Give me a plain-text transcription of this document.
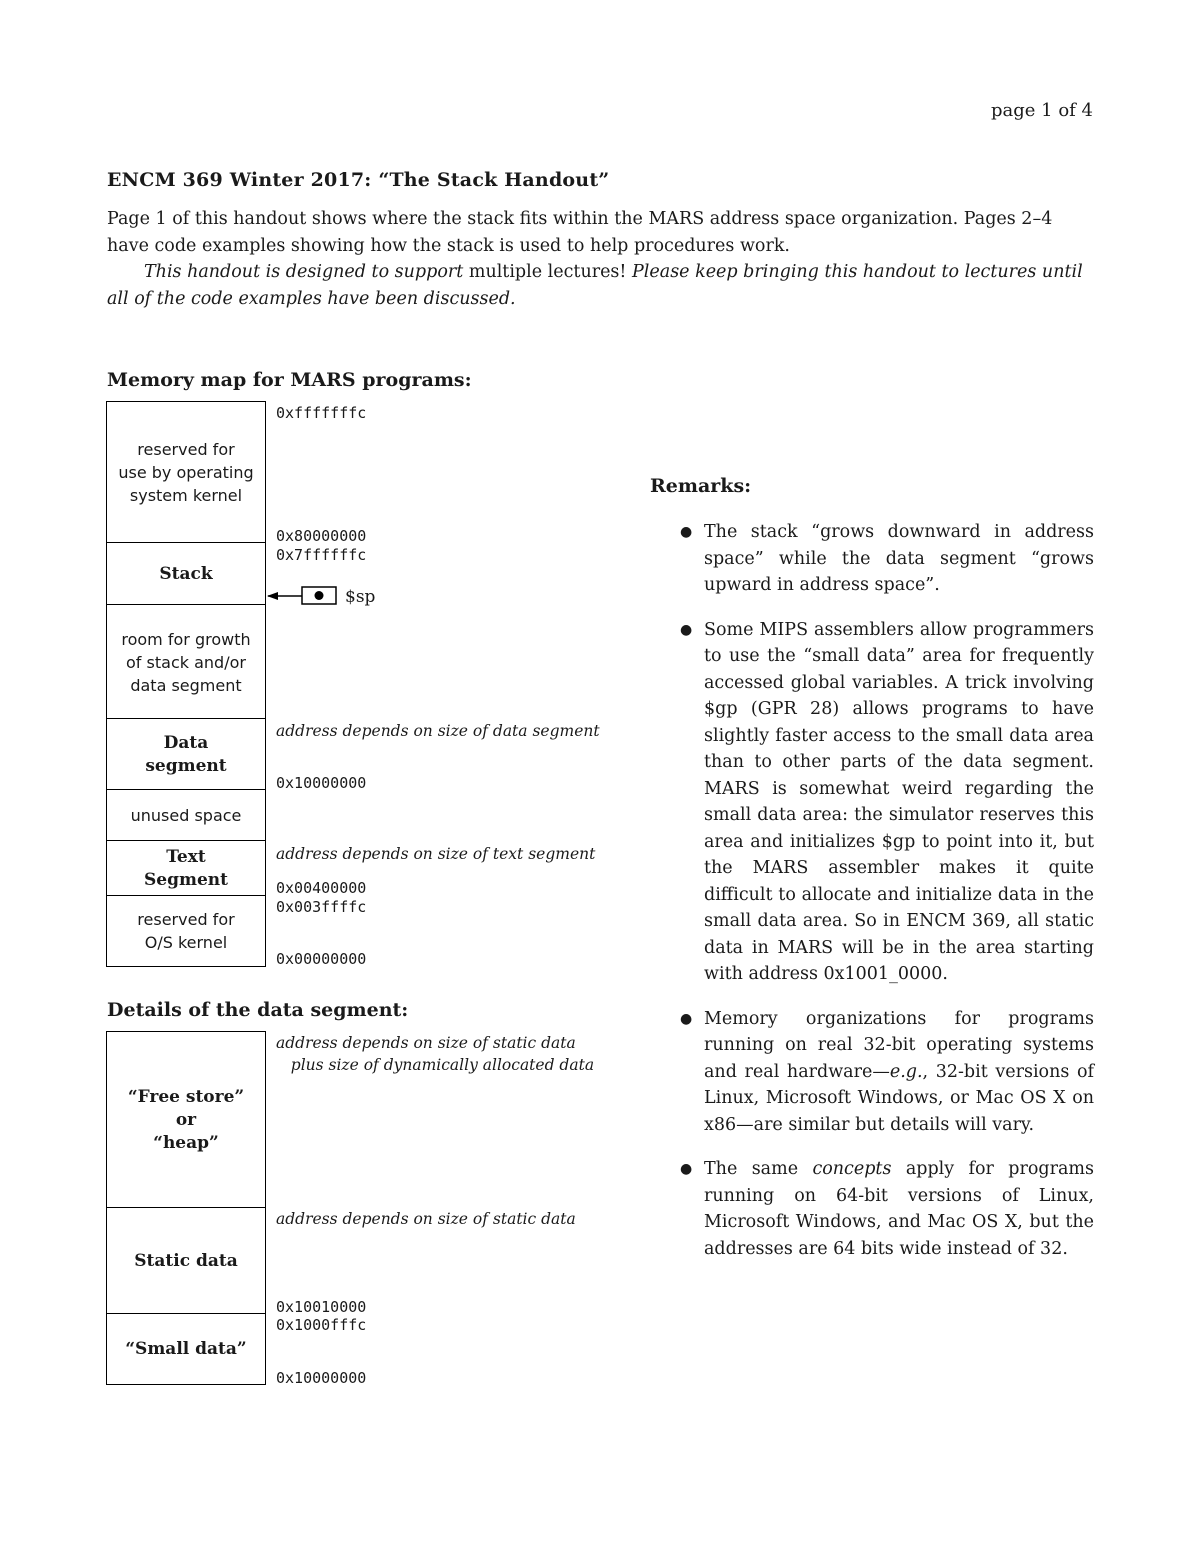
page 1 of 4
ENCM 369 Winter 2017: “The Stack Handout”

Page 1 of this handout shows where the stack fits within the MARS address space organization. Pages 2–4 have code examples showing how the stack is used to help procedures work.

This handout is designed to support multiple lectures! Please keep bringing this handout to lectures until all of the code examples have been discussed.

Memory map for MARS programs:
reserved for
use by operating
system kernel
Stack
room for growth
of stack and/or
data segment
Data
segment
unused space
Text
Segment
reserved for
O/S kernel
0xfffffffc
0x80000000
0x7ffffffc
address depends on size of data segment
0x10000000
address depends on size of text segment
0x00400000
0x003ffffc
0x00000000
$sp
Details of the data segment:
“Free store”
or
“heap”
Static data
“Small data”
address depends on size of static data
plus size of dynamically allocated data
address depends on size of static data
0x10010000
0x1000fffc
0x10000000
Remarks:
● The stack “grows downward in address space” while the data segment “grows upward in address space”.
● Some MIPS assemblers allow programmers to use the “small data” area for frequently accessed global variables. A trick involving $gp (GPR 28) allows programs to have slightly faster access to the small data area than to other parts of the data segment. MARS is somewhat weird regarding the small data area: the simulator reserves this area and initializes $gp to point into it, but the MARS assembler makes it quite difficult to allocate and initialize data in the small data area. So in ENCM 369, all static data in MARS will be in the area starting with address 0x1001_0000.
● Memory organizations for programs running on real 32-bit operating systems and real hardware—e.g., 32-bit versions of Linux, Microsoft Windows, or Mac OS X on x86—are similar but details will vary.
● The same concepts apply for programs running on 64-bit versions of Linux, Microsoft Windows, and Mac OS X, but the addresses are 64 bits wide instead of 32.
